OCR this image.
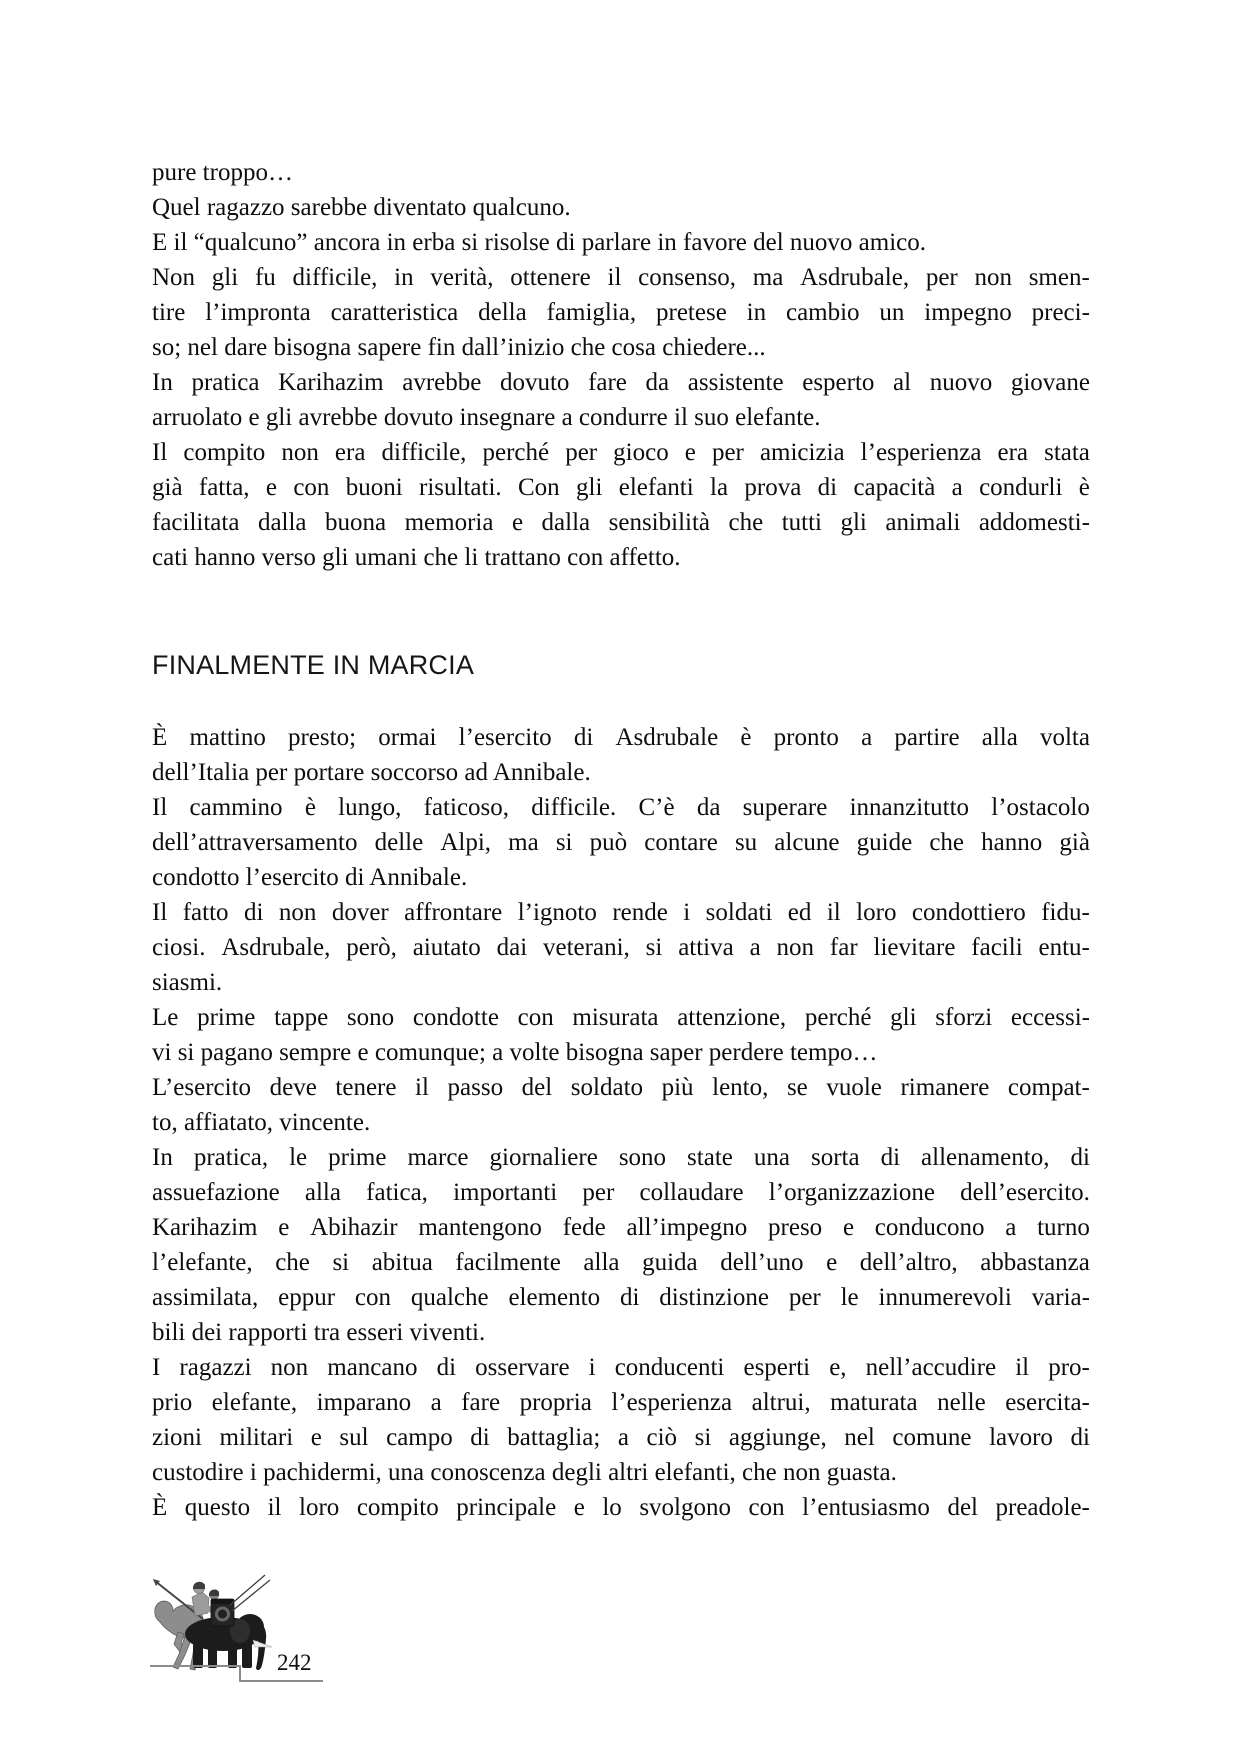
pure troppo…
Quel ragazzo sarebbe diventato qualcuno.
E il “qualcuno” ancora in erba si risolse di parlare in favore del nuovo amico.
Non gli fu difficile, in verità, ottenere il consenso, ma Asdrubale, per non smen-
tire l’impronta caratteristica della famiglia, pretese in cambio un impegno preci-
so; nel dare bisogna sapere fin dall’inizio che cosa chiedere...
In pratica Karihazim avrebbe dovuto fare da assistente esperto al nuovo giovane
arruolato e gli avrebbe dovuto insegnare a condurre il suo elefante.
Il compito non era difficile, perché per gioco e per amicizia l’esperienza era stata
già fatta, e con buoni risultati. Con gli elefanti la prova di capacità a condurli è
facilitata dalla buona memoria e dalla sensibilità che tutti gli animali addomesti-
cati hanno verso gli umani che li trattano con affetto.
FINALMENTE IN MARCIA
È mattino presto; ormai l’esercito di Asdrubale è pronto a partire alla volta
dell’Italia per portare soccorso ad Annibale.
Il cammino è lungo, faticoso, difficile. C’è da superare innanzitutto l’ostacolo
dell’attraversamento delle Alpi, ma si può contare su alcune guide che hanno già
condotto l’esercito di Annibale.
Il fatto di non dover affrontare l’ignoto rende i soldati ed il loro condottiero fidu-
ciosi. Asdrubale, però, aiutato dai veterani, si attiva a non far lievitare facili entu-
siasmi.
Le prime tappe sono condotte con misurata attenzione, perché gli sforzi eccessi-
vi si pagano sempre e comunque; a volte bisogna saper perdere tempo…
L’esercito deve tenere il passo del soldato più lento, se vuole rimanere compat-
to, affiatato, vincente.
In pratica, le prime marce giornaliere sono state una sorta di allenamento, di
assuefazione alla fatica, importanti per collaudare l’organizzazione dell’esercito.
Karihazim e Abihazir mantengono fede all’impegno preso e conducono a turno
l’elefante, che si abitua facilmente alla guida dell’uno e dell’altro, abbastanza
assimilata, eppur con qualche elemento di distinzione per le innumerevoli varia-
bili dei rapporti tra esseri viventi.
I ragazzi non mancano di osservare i conducenti esperti e, nell’accudire il pro-
prio elefante, imparano a fare propria l’esperienza altrui, maturata nelle esercita-
zioni militari e sul campo di battaglia; a ciò si aggiunge, nel comune lavoro di
custodire i pachidermi, una conoscenza degli altri elefanti, che non guasta.
È questo il loro compito principale e lo svolgono con l’entusiasmo del preadole-
242
